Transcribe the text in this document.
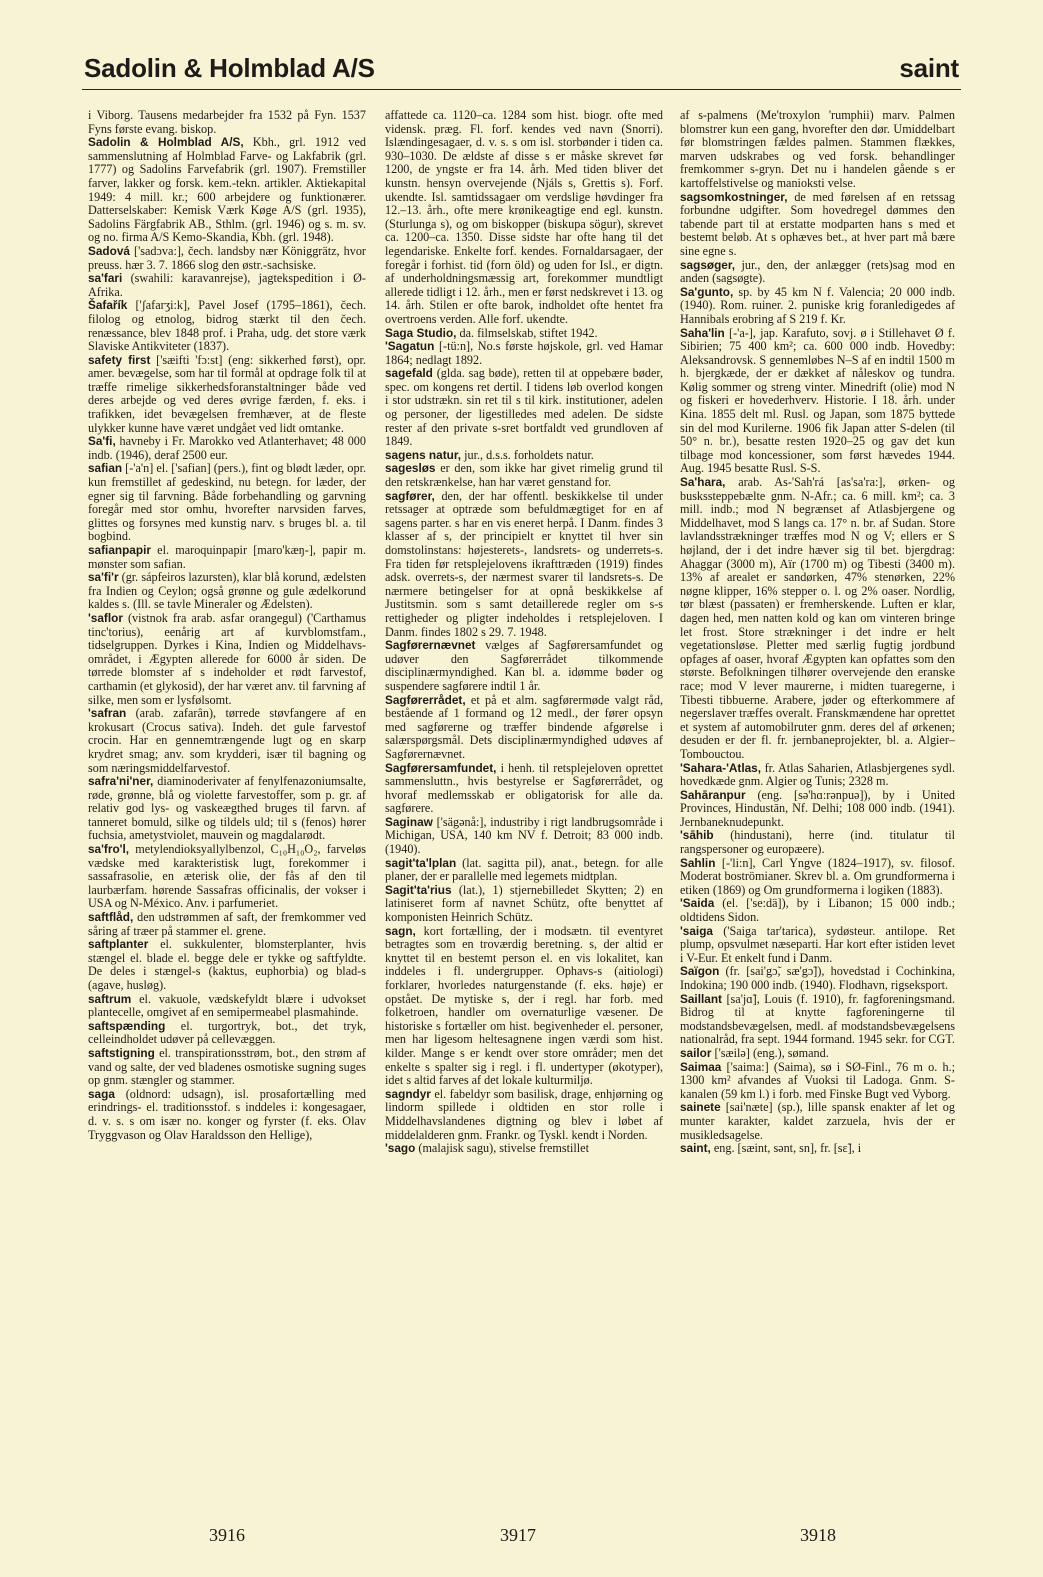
Sadolin & Holmblad A/S	saint

i Viborg. Tausens medarbejder fra 1532 på Fyn. 1537 Fyns første evang. biskop.

Sadolin & Holmblad A/S, Kbh., grl. 1912 ved sammenslutning af Holmblad Farve- og Lakfabrik (grl. 1777) og Sadolins Farvefabrik (grl. 1907). Fremstiller farver, lakker og forsk. kem.-tekn. artikler. Aktiekapital 1949: 4 mill. kr.; 600 arbejdere og funktionærer. Datterselskaber: Kemisk Værk Køge A/S (grl. 1935), Sadolins Färgfabrik AB., Sthlm. (grl. 1946) og s. m. sv. og no. firma A/S Kemo-Skandia, Kbh. (grl. 1948).

Sadová ['sadɔva:], čech. landsby nær Königgrätz, hvor preuss. hær 3. 7. 1866 slog den østr.-sachsiske.

sa'fari (swahili: karavanrejse), jagtekspedition i Ø-Afrika.

Šafařík ['ʃafarʒi:k], Pavel Josef (1795–1861), čech. filolog og etnolog, bidrog stærkt til den čech. renæssance, blev 1848 prof. i Praha, udg. det store værk Slaviske Antikviteter (1837).

safety first ['sæifti 'fɔ:st] (eng: sikkerhed først), opr. amer. bevægelse, som har til formål at opdrage folk til at træffe rimelige sikkerhedsforanstaltninger både ved deres arbejde og ved deres øvrige færden, f. eks. i trafikken, idet bevægelsen fremhæver, at de fleste ulykker kunne have været undgået ved lidt omtanke.

Sa'fi, havneby i Fr. Marokko ved Atlanterhavet; 48 000 indb. (1946), deraf 2500 eur.

safian [-'a'n] el. ['safian] (pers.), fint og blødt læder, opr. kun fremstillet af gedeskind, nu betegn. for læder, der egner sig til farvning. Både forbehandling og garvning foregår med stor omhu, hvorefter narvsiden farves, glittes og forsynes med kunstig narv. s bruges bl. a. til bogbind.

safianpapir el. maroquinpapir [maro'kæŋ-], papir m. mønster som safian.

sa'fi'r (gr. sápfeiros lazursten), klar blå korund, ædelsten fra Indien og Ceylon; også grønne og gule ædelkorund kaldes s. (Ill. se tavle Mineraler og Ædelsten).

'saflor (vistnok fra arab. asfar orangegul) ('Carthamus tinc'torius), eenårig art af kurvblomstfam., tidselgruppen. Dyrkes i Kina, Indien og Middelhavs-området, i Ægypten allerede for 6000 år siden. De tørrede blomster af s indeholder et rødt farvestof, carthamin (et glykosid), der har været anv. til farvning af silke, men som er lysfølsomt.

'safran (arab. zafarân), tørrede støvfangere af en krokusart (Crocus sativa). Indeh. det gule farvestof crocin. Har en gennemtrængende lugt og en skarp krydret smag; anv. som krydderi, især til bagning og som næringsmiddelfarvestof.

safra'ni'ner, diaminoderivater af fenylfenazoniumsalte, røde, grønne, blå og violette farvestoffer, som p. gr. af relativ god lys- og vaskeægthed bruges til farvn. af tanneret bomuld, silke og tildels uld; til s (fenos) hører fuchsia, ametystviolet, mauvein og magdalarødt.

sa'fro'l, metylendioksyallylbenzol, C₁₀H₁₀O₂, farveløs vædske med karakteristisk lugt, forekommer i sassafrasolie, en æterisk olie, der fås af den til laurbærfam. hørende Sassafras officinalis, der vokser i USA og N-México. Anv. i parfumeriet.

saftflåd, den udstrømmen af saft, der fremkommer ved såring af træer på stammer el. grene.

saftplanter el. sukkulenter, blomsterplanter, hvis stængel el. blade el. begge dele er tykke og saftfyldte. De deles i stængel-s (kaktus, euphorbia) og blad-s (agave, husløg).

saftrum el. vakuole, vædskefyldt blære i udvokset plantecelle, omgivet af en semipermeabel plasmahinde.

saftspænding el. turgortryk, bot., det tryk, celleindholdet udøver på cellevæggen.

saftstigning el. transpirationsstrøm, bot., den strøm af vand og salte, der ved bladenes osmotiske sugning suges op gnm. stængler og stammer.

saga (oldnord: udsagn), isl. prosafortælling med erindrings- el. traditionsstof. s inddeles i: kongesagaer, d. v. s. s om især no. konger og fyrster (f. eks. Olav Tryggvason og Olav Haraldsson den Hellige),

affattede ca. 1120–ca. 1284 som hist. biogr. ofte med vidensk. præg. Fl. forf. kendes ved navn (Snorri). Islændingesagaer, d. v. s. s om isl. storbønder i tiden ca. 930–1030. De ældste af disse s er måske skrevet før 1200, de yngste er fra 14. årh. Med tiden bliver det kunstn. hensyn overvejende (Njáls s, Grettis s). Forf. ukendte. Isl. samtidssagaer om verdslige høvdinger fra 12.–13. årh., ofte mere krønikeagtige end egl. kunstn. (Sturlunga s), og om biskopper (biskupa sögur), skrevet ca. 1200–ca. 1350. Disse sidste har ofte hang til det legendariske. Enkelte forf. kendes. Fornaldarsagaer, der foregår i forhist. tid (forn öld) og uden for Isl., er digtn. af underholdningsmæssig art, forekommer mundtligt allerede tidligt i 12. årh., men er først nedskrevet i 13. og 14. årh. Stilen er ofte barok, indholdet ofte hentet fra overtroens verden. Alle forf. ukendte.

Saga Studio, da. filmselskab, stiftet 1942.

'Sagatun [-tü:n], No.s første højskole, grl. ved Hamar 1864; nedlagt 1892.

sagefald (glda. sag bøde), retten til at oppebære bøder, spec. om kongens ret dertil. I tidens løb overlod kongen i stor udstrækn. sin ret til s til kirk. institutioner, adelen og personer, der ligestilledes med adelen. De sidste rester af den private s-sret bortfaldt ved grundloven af 1849.

sagens natur, jur., d.s.s. forholdets natur.

sagesløs er den, som ikke har givet rimelig grund til den retskrænkelse, han har været genstand for.

sagfører, den, der har offentl. beskikkelse til under retssager at optræde som befuldmægtiget for en af sagens parter. s har en vis eneret herpå. I Danm. findes 3 klasser af s, der principielt er knyttet til hver sin domstolinstans: højesterets-, landsrets- og underrets-s. Fra tiden før retsplejelovens ikrafttræden (1919) findes adsk. overrets-s, der nærmest svarer til landsrets-s. De nærmere betingelser for at opnå beskikkelse af Justitsmin. som s samt detaillerede regler om s-s rettigheder og pligter indeholdes i retsplejeloven. I Danm. findes 1802 s 29. 7. 1948.

Sagførernævnet vælges af Sagførersamfundet og udøver den Sagførerrådet tilkommende disciplinærmyndighed. Kan bl. a. idømme bøder og suspendere sagførere indtil 1 år.

Sagførerrådet, et på et alm. sagførermøde valgt råd, bestående af 1 formand og 12 medl., der fører opsyn med sagførerne og træffer bindende afgørelse i salærspørgsmål. Dets disciplinærmyndighed udøves af Sagførernævnet.

Sagførersamfundet, i henh. til retsplejeloven oprettet sammensluttn., hvis bestyrelse er Sagførerrådet, og hvoraf medlemsskab er obligatorisk for alle da. sagførere.

Saginaw ['sägənå:], industriby i rigt landbrugsområde i Michigan, USA, 140 km NV f. Detroit; 83 000 indb. (1940).

sagit'ta'lplan (lat. sagitta pil), anat., betegn. for alle planer, der er parallelle med legemets midtplan.

Sagit'ta'rius (lat.), 1) stjernebilledet Skytten; 2) en latiniseret form af navnet Schütz, ofte benyttet af komponisten Heinrich Schütz.

sagn, kort fortælling, der i modsætn. til eventyret betragtes som en troværdig beretning. s, der altid er knyttet til en bestemt person el. en vis lokalitet, kan inddeles i fl. undergrupper. Ophavs-s (aitiologi) forklarer, hvorledes naturgenstande (f. eks. høje) er opstået. De mytiske s, der i regl. har forb. med folketroen, handler om overnaturlige væsener. De historiske s fortæller om hist. begivenheder el. personer, men har ligesom heltesagnene ingen værdi som hist. kilder. Mange s er kendt over store områder; men det enkelte s spalter sig i regl. i fl. undertyper (økotyper), idet s altid farves af det lokale kulturmiljø.

sagndyr el. fabeldyr som basilisk, drage, enhjørning og lindorm spillede i oldtiden en stor rolle i Middelhavslandenes digtning og blev i løbet af middelalderen gnm. Frankr. og Tyskl. kendt i Norden.

'sago (malajisk sagu), stivelse fremstillet

af s-palmens (Me'troxylon 'rumphii) marv. Palmen blomstrer kun een gang, hvorefter den dør. Umiddelbart før blomstringen fældes palmen. Stammen flækkes, marven udskrabes og ved forsk. behandlinger fremkommer s-gryn. Det nu i handelen gående s er kartoffelstivelse og manioksti velse.

sagsomkostninger, de med førelsen af en retssag forbundne udgifter. Som hovedregel dømmes den tabende part til at erstatte modparten hans s med et bestemt beløb. At s ophæves bet., at hver part må bære sine egne s.

sagsøger, jur., den, der anlægger (rets)sag mod en anden (sagsøgte).

Sa'gunto, sp. by 45 km N f. Valencia; 20 000 indb. (1940). Rom. ruiner. 2. puniske krig foranledigedes af Hannibals erobring af S 219 f. Kr.

Saha'lin [-'a-], jap. Karafuto, sovj. ø i Stillehavet Ø f. Sibirien; 75 400 km²; ca. 600 000 indb. Hovedby: Aleksandrovsk. S gennemløbes N–S af en indtil 1500 m h. bjergkæde, der er dækket af nåleskov og tundra. Kølig sommer og streng vinter. Minedrift (olie) mod N og fiskeri er hovederhverv. Historie. I 18. årh. under Kina. 1855 delt ml. Rusl. og Japan, som 1875 byttede sin del mod Kurilerne. 1906 fik Japan atter S-delen (til 50° n. br.), besatte resten 1920–25 og gav det kun tilbage mod koncessioner, som først hævedes 1944. Aug. 1945 besatte Rusl. S-S.

Sa'hara, arab. As-'Sah'rá [as'sa'ra:], ørken- og buskssteppebælte gnm. N-Afr.; ca. 6 mill. km²; ca. 3 mill. indb.; mod N begrænset af Atlasbjergene og Middelhavet, mod S langs ca. 17° n. br. af Sudan. Store lavlandsstrækninger træffes mod N og V; ellers er S højland, der i det indre hæver sig til bet. bjergdrag: Ahaggar (3000 m), Aïr (1700 m) og Tibesti (3400 m). 13% af arealet er sandørken, 47% stenørken, 22% nøgne klipper, 16% stepper o. l. og 2% oaser. Nordlig, tør blæst (passaten) er fremherskende. Luften er klar, dagen hed, men natten kold og kan om vinteren bringe let frost. Store strækninger i det indre er helt vegetationsløse. Pletter med særlig fugtig jordbund opfages af oaser, hvoraf Ægypten kan opfattes som den største. Befolkningen tilhører overvejende den eranske race; mod V lever maurerne, i midten tuaregerne, i Tibesti tibbuerne. Arabere, jøder og efterkommere af negerslaver træffes overalt. Franskmændene har oprettet et system af automobilruter gnm. deres del af ørkenen; desuden er der fl. fr. jernbaneprojekter, bl. a. Algier–Tombouctou.

'Sahara-'Atlas, fr. Atlas Saharien, Atlasbjergenes sydl. hovedkæde gnm. Algier og Tunis; 2328 m.

Sahāranpur (eng. [sə'hɑ:rənpuə]), by i United Provinces, Hindustān, Nf. Delhi; 108 000 indb. (1941). Jernbaneknudepunkt.

'sāhib (hindustani), herre (ind. titulatur til rangspersoner og europæere).

Sahlin [-'li:n], Carl Yngve (1824–1917), sv. filosof. Moderat boströmianer. Skrev bl. a. Om grundformerna i etiken (1869) og Om grundformerna i logiken (1883).

'Saida (el. ['se:dä]), by i Libanon; 15 000 indb.; oldtidens Sidon.

'saiga ('Saiga tar'tarica), sydøsteur. antilope. Ret plump, opsvulmet næseparti. Har kort efter istiden levet i V-Eur. Et enkelt fund i Danm.

Saïgon (fr. [sai'gɔ̃, sæ'gɔ̃]), hovedstad i Cochinkina, Indokina; 190 000 indb. (1940). Flodhavn, rigseksport.

Saillant [sa'jɑ̃], Louis (f. 1910), fr. fagforeningsmand. Bidrog til at knytte fagforeningerne til modstandsbevægelsen, medl. af modstandsbevægelsens nationalråd, fra sept. 1944 formand. 1945 sekr. for CGT.

sailor ['sæilə] (eng.), sømand.

Saimaa ['saima:] (Saima), sø i SØ-Finl., 76 m o. h.; 1300 km² afvandes af Vuoksi til Ladoga. Gnm. S-kanalen (59 km l.) i forb. med Finske Bugt ved Vyborg.

sainete [sai'næte] (sp.), lille spansk enakter af let og munter karakter, kaldet zarzuela, hvis der er musikledsagelse.

saint, eng. [sæint, sənt, sn], fr. [sɛ̃], i

3916	3917	3918
